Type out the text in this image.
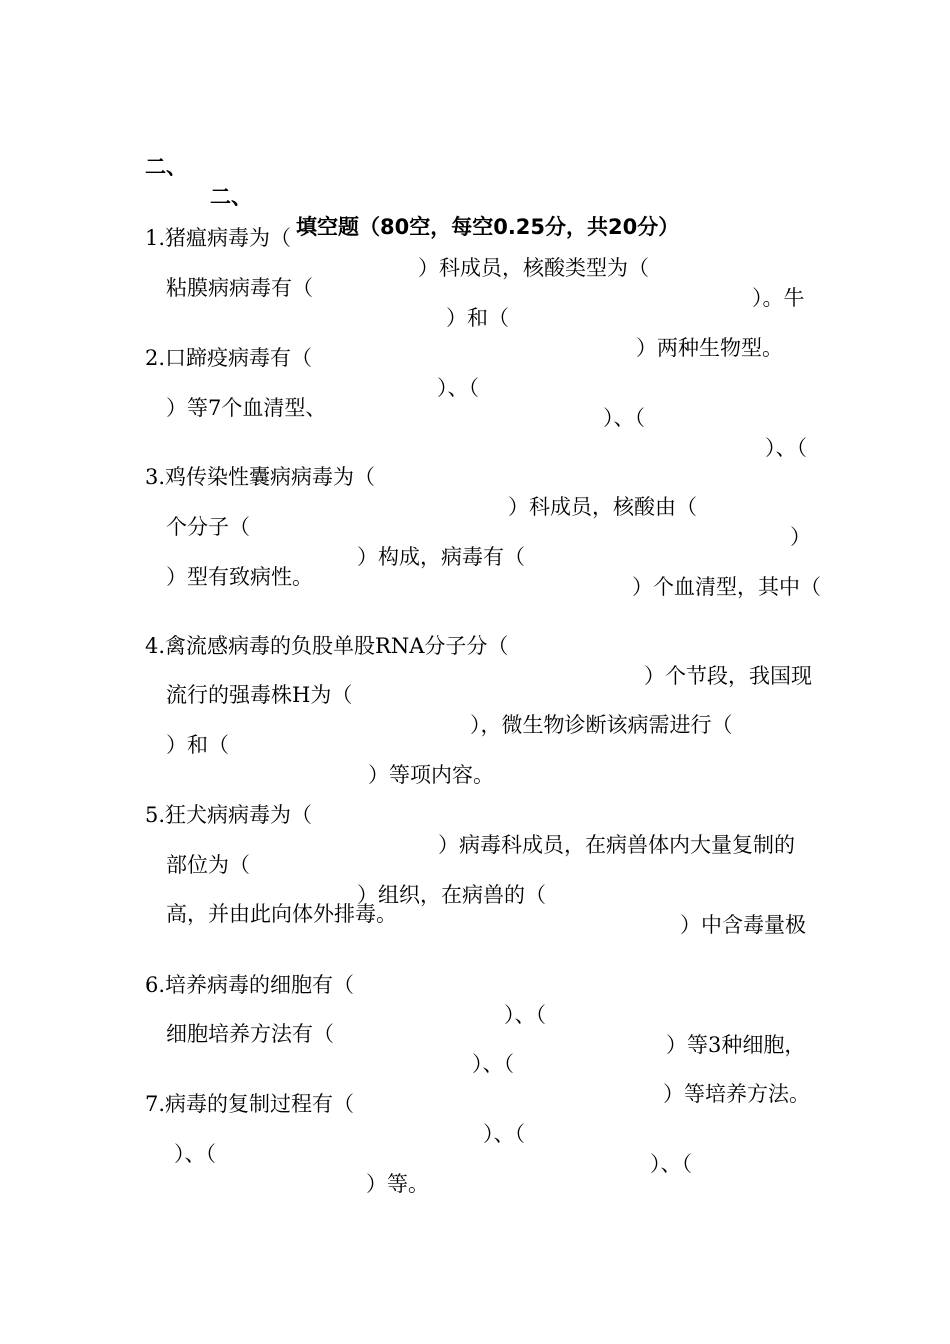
二、

二、

填空题（80空，每空0.25分，共20分）

1.猪瘟病毒为（

）科成员，核酸类型为（

）。牛

粘膜病病毒有（

）和（

）两种生物型。

2.口蹄疫病毒有（

）、（

）、（

）、（

）等7个血清型、

3.鸡传染性囊病病毒为（

）科成员，核酸由（

）

个分子（

）构成，病毒有（

）个血清型，其中（

）型有致病性。

4.禽流感病毒的负股单股RNA分子分（

）个节段，我国现

流行的强毒株H为（

），微生物诊断该病需进行（

）和（

）等项内容。

5.狂犬病病毒为（

）病毒科成员，在病兽体内大量复制的

部位为（

）组织，在病兽的（

）中含毒量极

高，并由此向体外排毒。

6.培养病毒的细胞有（

）、（

）等3种细胞，

细胞培养方法有（

）、（

）等培养方法。

7.病毒的复制过程有（

）、（

）、（

）、（

）等。
